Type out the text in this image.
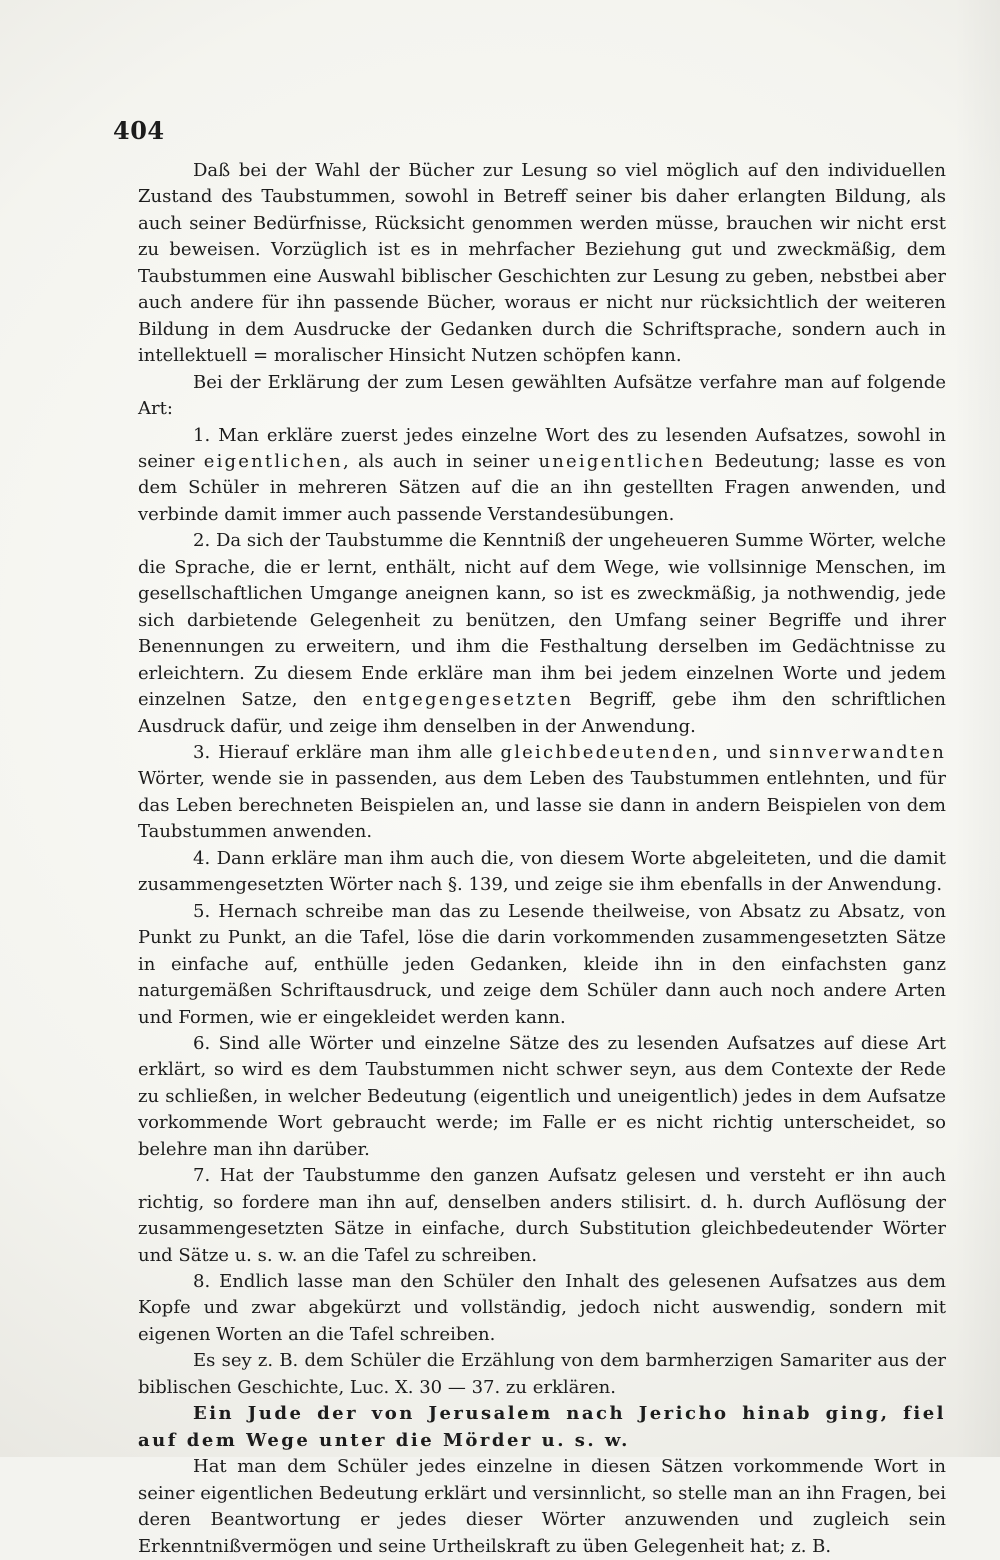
404

Daß bei der Wahl der Bücher zur Lesung so viel möglich auf den individuellen Zustand des Taubstummen, sowohl in Betreff seiner bis daher erlangten Bildung, als auch seiner Bedürfnisse, Rücksicht genommen werden müsse, brauchen wir nicht erst zu beweisen. Vorzüglich ist es in mehrfacher Beziehung gut und zweckmäßig, dem Taubstummen eine Auswahl biblischer Geschichten zur Lesung zu geben, nebstbei aber auch andere für ihn passende Bücher, woraus er nicht nur rücksichtlich der weiteren Bildung in dem Ausdrucke der Gedanken durch die Schriftsprache, sondern auch in intellektuell = moralischer Hinsicht Nutzen schöpfen kann.

Bei der Erklärung der zum Lesen gewählten Aufsätze verfahre man auf folgende Art:

1. Man erkläre zuerst jedes einzelne Wort des zu lesenden Aufsatzes, sowohl in seiner eigentlichen, als auch in seiner uneigentlichen Bedeutung; lasse es von dem Schüler in mehreren Sätzen auf die an ihn gestellten Fragen anwenden, und verbinde damit immer auch passende Verstandesübungen.

2. Da sich der Taubstumme die Kenntniß der ungeheueren Summe Wörter, welche die Sprache, die er lernt, enthält, nicht auf dem Wege, wie vollsinnige Menschen, im gesellschaftlichen Umgange aneignen kann, so ist es zweckmäßig, ja nothwendig, jede sich darbietende Gelegenheit zu benützen, den Umfang seiner Begriffe und ihrer Benennungen zu erweitern, und ihm die Festhaltung derselben im Gedächtnisse zu erleichtern. Zu diesem Ende erkläre man ihm bei jedem einzelnen Worte und jedem einzelnen Satze, den entgegengesetzten Begriff, gebe ihm den schriftlichen Ausdruck dafür, und zeige ihm denselben in der Anwendung.

3. Hierauf erkläre man ihm alle gleichbedeutenden, und sinnverwandten Wörter, wende sie in passenden, aus dem Leben des Taubstummen entlehnten, und für das Leben berechneten Beispielen an, und lasse sie dann in andern Beispielen von dem Taubstummen anwenden.

4. Dann erkläre man ihm auch die, von diesem Worte abgeleiteten, und die damit zusammengesetzten Wörter nach §. 139, und zeige sie ihm ebenfalls in der Anwendung.

5. Hernach schreibe man das zu Lesende theilweise, von Absatz zu Absatz, von Punkt zu Punkt, an die Tafel, löse die darin vorkommenden zusammengesetzten Sätze in einfache auf, enthülle jeden Gedanken, kleide ihn in den einfachsten ganz naturgemäßen Schriftausdruck, und zeige dem Schüler dann auch noch andere Arten und Formen, wie er eingekleidet werden kann.

6. Sind alle Wörter und einzelne Sätze des zu lesenden Aufsatzes auf diese Art erklärt, so wird es dem Taubstummen nicht schwer seyn, aus dem Contexte der Rede zu schließen, in welcher Bedeutung (eigentlich und uneigentlich) jedes in dem Aufsatze vorkommende Wort gebraucht werde; im Falle er es nicht richtig unterscheidet, so belehre man ihn darüber.

7. Hat der Taubstumme den ganzen Aufsatz gelesen und versteht er ihn auch richtig, so fordere man ihn auf, denselben anders stilisirt. d. h. durch Auflösung der zusammengesetzten Sätze in einfache, durch Substitution gleichbedeutender Wörter und Sätze u. s. w. an die Tafel zu schreiben.

8. Endlich lasse man den Schüler den Inhalt des gelesenen Aufsatzes aus dem Kopfe und zwar abgekürzt und vollständig, jedoch nicht auswendig, sondern mit eigenen Worten an die Tafel schreiben.

Es sey z. B. dem Schüler die Erzählung von dem barmherzigen Samariter aus der biblischen Geschichte, Luc. X. 30 — 37. zu erklären.

Ein Jude der von Jerusalem nach Jericho hinab ging, fiel auf dem Wege unter die Mörder u. s. w.

Hat man dem Schüler jedes einzelne in diesen Sätzen vorkommende Wort in seiner eigentlichen Bedeutung erklärt und versinnlicht, so stelle man an ihn Fragen, bei deren Beantwortung er jedes dieser Wörter anzuwenden und zugleich sein Erkenntnißvermögen und seine Urtheilskraft zu üben Gelegenheit hat; z. B.
